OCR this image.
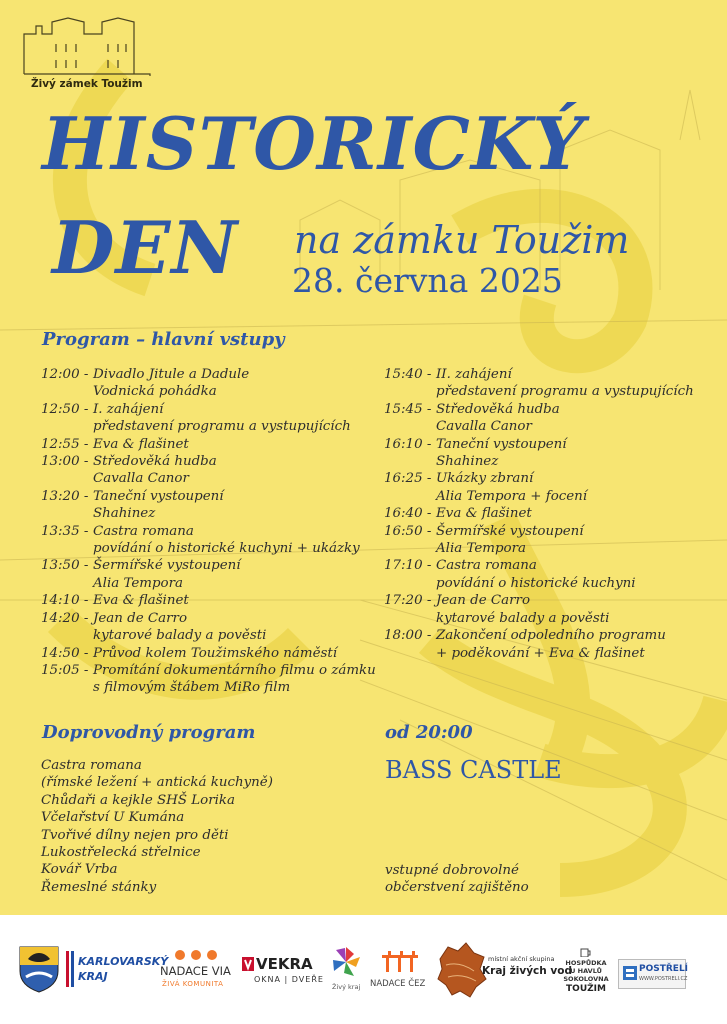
Živý zámek Toužim
HISTORICKÝ
DEN na zámku Toužim
28. června 2025
Program – hlavní vstupy
12:00 - Divadlo Jitule a Dadule
Vodnická pohádka
12:50 - I. zahájení
představení programu a vystupujících
12:55 - Eva & flašinet
13:00 - Středověká hudba
Cavalla Canor
13:20 - Taneční vystoupení
Shahinez
13:35 - Castra romana
povídání o historické kuchyni + ukázky
13:50 - Šermířské vystoupení
Alia Tempora
14:10 - Eva & flašinet
14:20 - Jean de Carro
kytarové balady a pověsti
14:50 - Průvod kolem Toužimského náměstí
15:05 - Promítání dokumentárního filmu o zámku
s filmovým štábem MiRo film
15:40 - II. zahájení
představení programu a vystupujících
15:45 - Středověká hudba
Cavalla Canor
16:10 - Taneční vystoupení
Shahinez
16:25 - Ukázky zbraní
Alia Tempora + focení
16:40 - Eva & flašinet
16:50 - Šermířské vystoupení
Alia Tempora
17:10 - Castra romana
povídání o historické kuchyni
17:20 - Jean de Carro
kytarové balady a pověsti
18:00 - Zakončení odpoledního programu
+ poděkování + Eva & flašinet
Doprovodný program
Castra romana
(římské ležení + antická kuchyně)
Chůdaři a kejkle SHŠ Lorika
Včelařství U Kumána
Tvořivé dílny nejen pro děti
Lukostřelecká střelnice
Kovář Vrba
Řemeslné stánky
od 20:00
BASS CASTLE
vstupné dobrovolné
občerstvení zajištěno
KARLOVARSKÝ
KRAJ	NADACE VIA
ŽIVÁ KOMUNITA
VEKRA
OKNA | DVEŘE
Živý kraj NADACE ČEZ
místní akční skupina
Kraj živých vod
HOSPŮDKA
U HAVLŮ
SOKOLOVNA
TOUŽIM
POSTŘELÍ
WWW.POSTRELI.CZ
